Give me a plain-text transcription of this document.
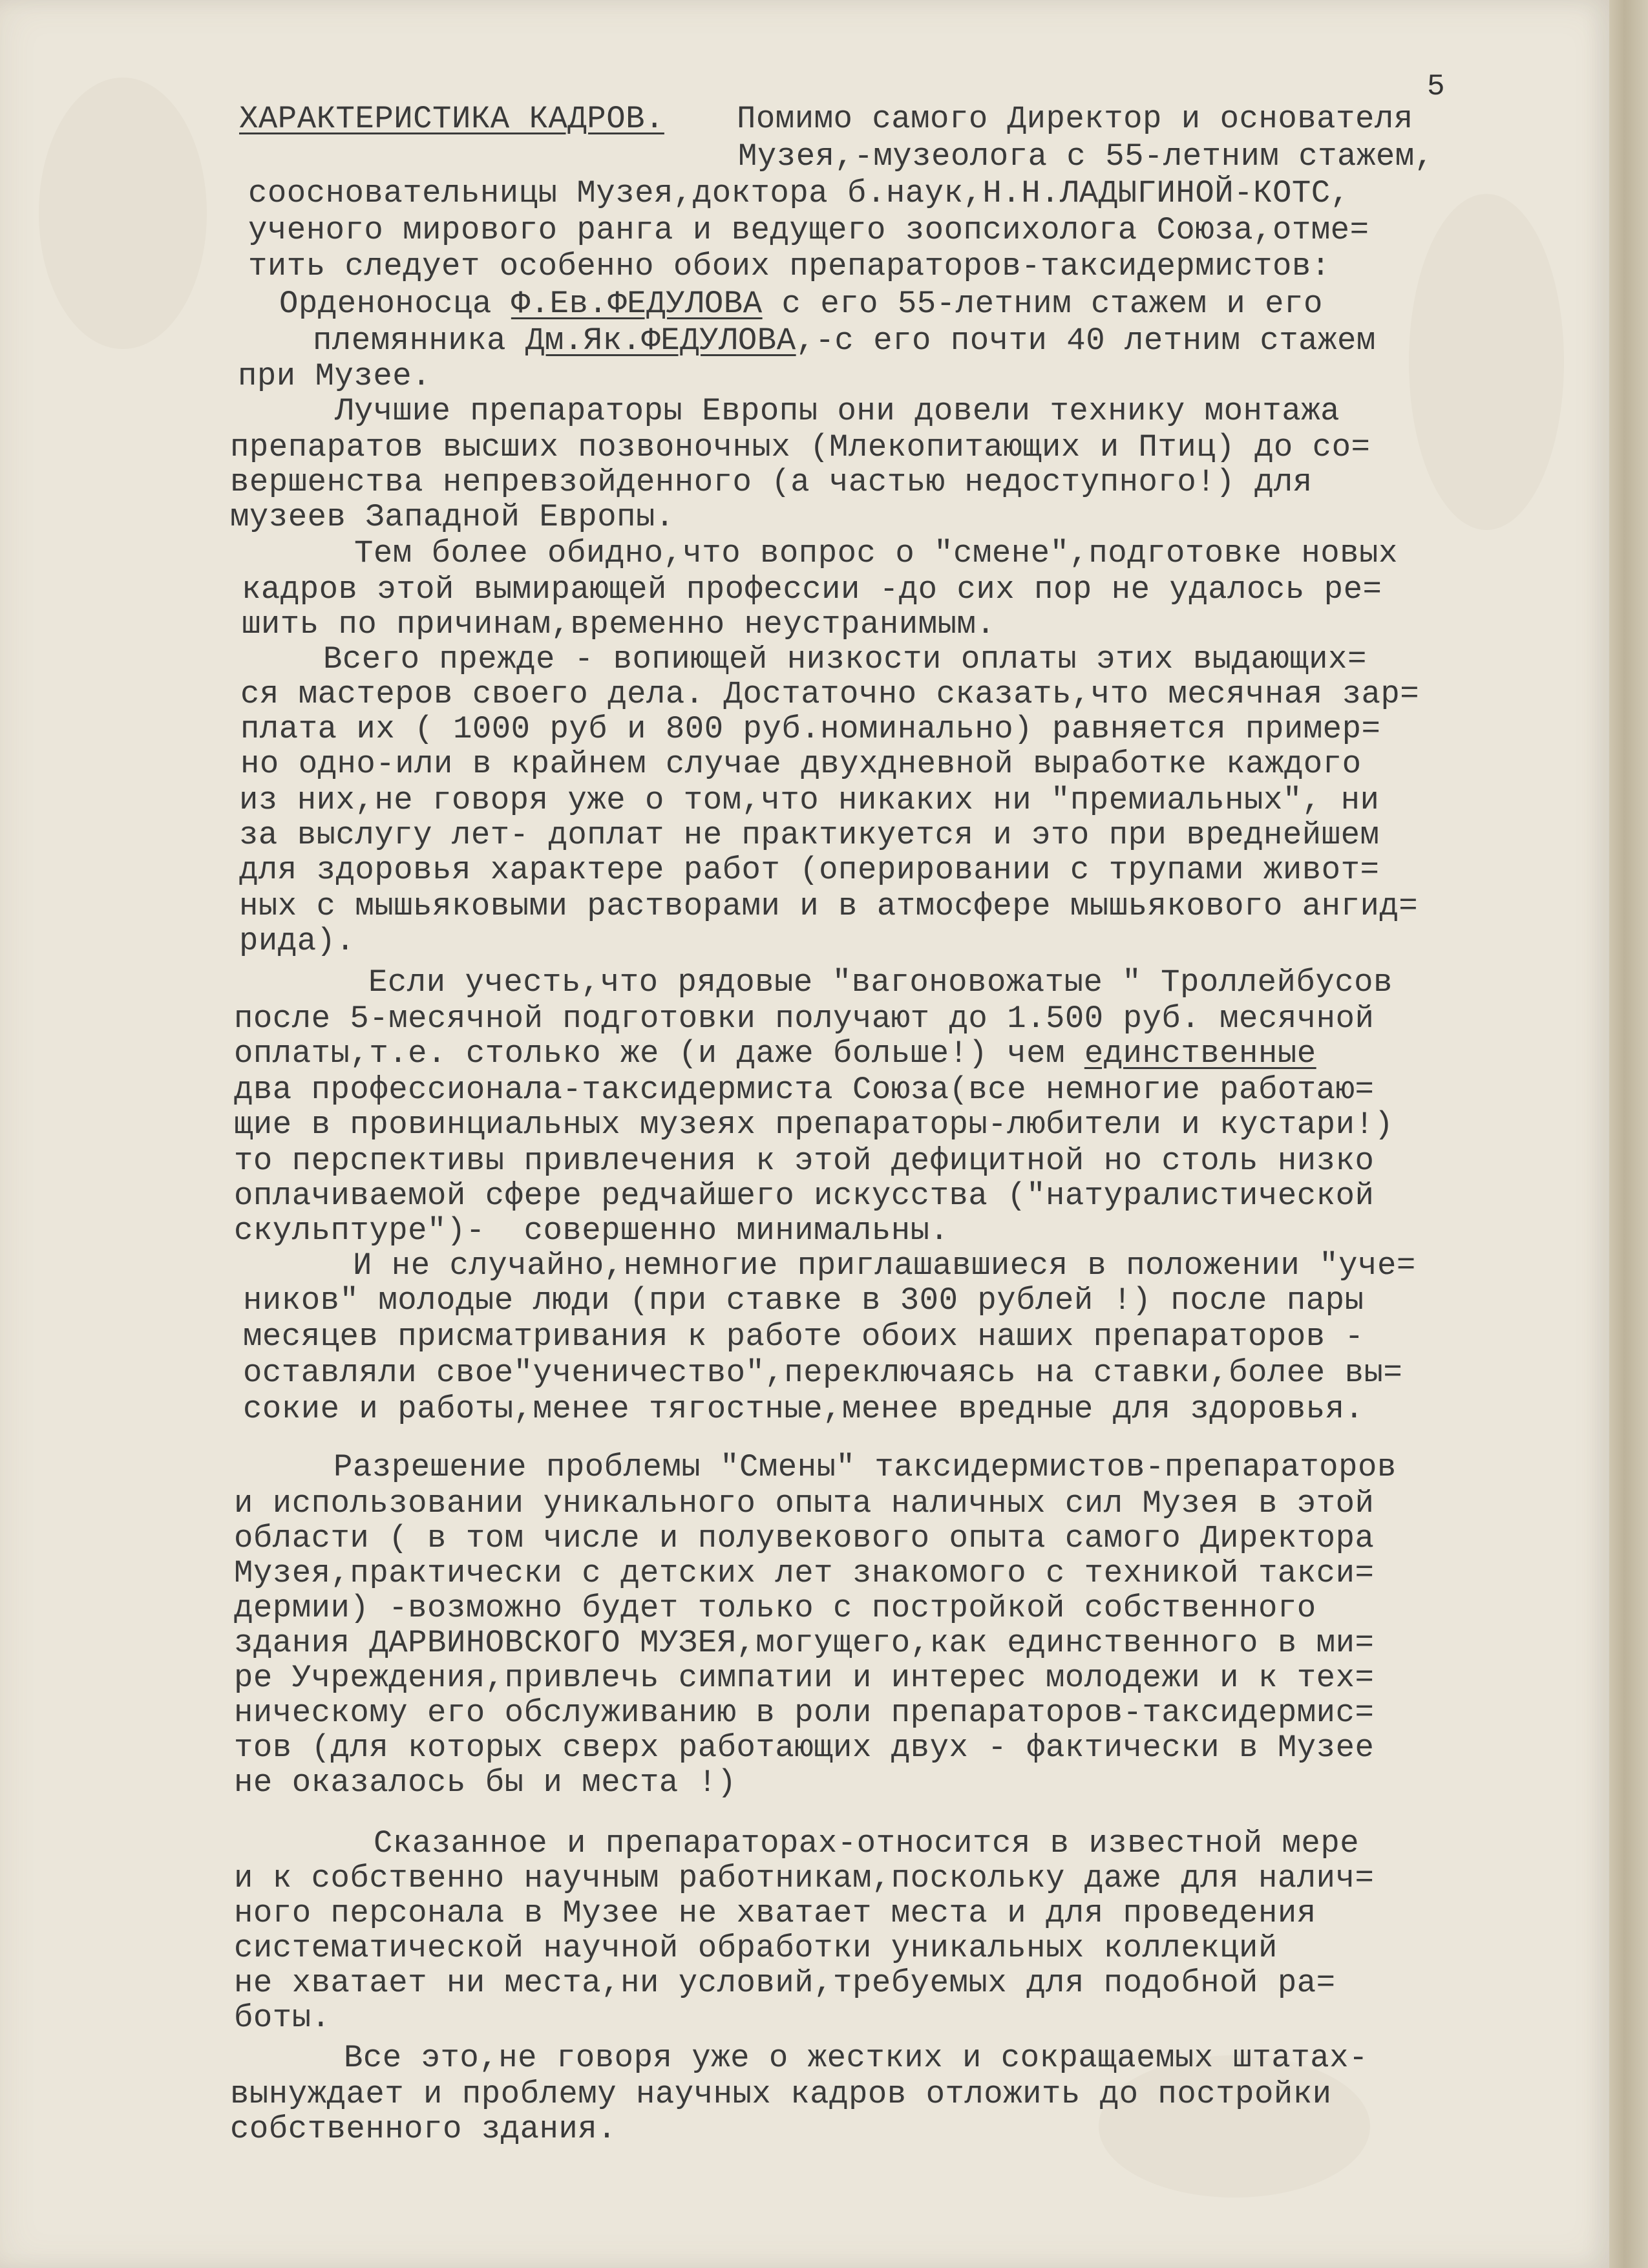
5

ХАРАКТЕРИСТИКА КАДРОВ. Помимо самого Директор и основателя

Музея,-музеолога с 55-летним стажем,

соосновательницы Музея,доктора б.наук,Н.Н.ЛАДЫГИНОЙ-КОТС,

ученого мирового ранга и ведущего зоопсихолога Союза,отме=

тить следует особенно обоих препараторов-таксидермистов:

Орденоносца Ф.Ев.ФЕДУЛОВА с его 55-летним стажем и его

племянника Дм.Як.ФЕДУЛОВА,-с его почти 40 летним стажем

при Музее.

Лучшие препараторы Европы они довели технику монтажа

препаратов высших позвоночных (Млекопитающих и Птиц) до со=

вершенства непревзойденного (а частью недоступного!) для

музеев Западной Европы.

Тем более обидно,что вопрос о "смене",подготовке новых

кадров этой вымирающей профессии -до сих пор не удалось ре=

шить по причинам,временно неустранимым.

Всего прежде - вопиющей низкости оплаты этих выдающих=

ся мастеров своего дела. Достаточно сказать,что месячная зар=

плата их ( 1000 руб и 800 руб.номинально) равняется пример=

но одно-или в крайнем случае двухдневной выработке каждого

из них,не говоря уже о том,что никаких ни "премиальных", ни

за выслугу лет- доплат не практикуется и это при вреднейшем

для здоровья характере работ (оперировании с трупами живот=

ных с мышьяковыми растворами и в атмосфере мышьякового ангид=

рида).

Если учесть,что рядовые "вагоновожатые " Троллейбусов

после 5-месячной подготовки получают до 1.500 руб. месячной

оплаты,т.е. столько же (и даже больше!) чем единственные

два профессионала-таксидермиста Союза(все немногие работаю=

щие в провинциальных музеях препараторы-любители и кустари!)

то перспективы привлечения к этой дефицитной но столь низко

оплачиваемой сфере редчайшего искусства ("натуралистической

скульптуре")-  совершенно минимальны.

И не случайно,немногие приглашавшиеся в положении "уче=

ников" молодые люди (при ставке в 300 рублей !) после пары

месяцев присматривания к работе обоих наших препараторов -

оставляли свое"ученичество",переключаясь на ставки,более вы=

сокие и работы,менее тягостные,менее вредные для здоровья.

Разрешение проблемы "Смены" таксидермистов-препараторов

и использовании уникального опыта наличных сил Музея в этой

области ( в том числе и полувекового опыта самого Директора

Музея,практически с детских лет знакомого с техникой такси=

дермии) -возможно будет только с постройкой собственного

здания ДАРВИНОВСКОГО МУЗЕЯ,могущего,как единственного в ми=

ре Учреждения,привлечь симпатии и интерес молодежи и к тех=

ническому его обслуживанию в роли препараторов-таксидермис=

тов (для которых сверх работающих двух - фактически в Музее

не оказалось бы и места !)

Сказанное и препараторах-относится в известной мере

и к собственно научным работникам,поскольку даже для налич=

ного персонала в Музее не хватает места и для проведения

систематической научной обработки уникальных коллекций

не хватает ни места,ни условий,требуемых для подобной ра=

боты.

Все это,не говоря уже о жестких и сокращаемых штатах-

вынуждает и проблему научных кадров отложить до постройки

собственного здания.
